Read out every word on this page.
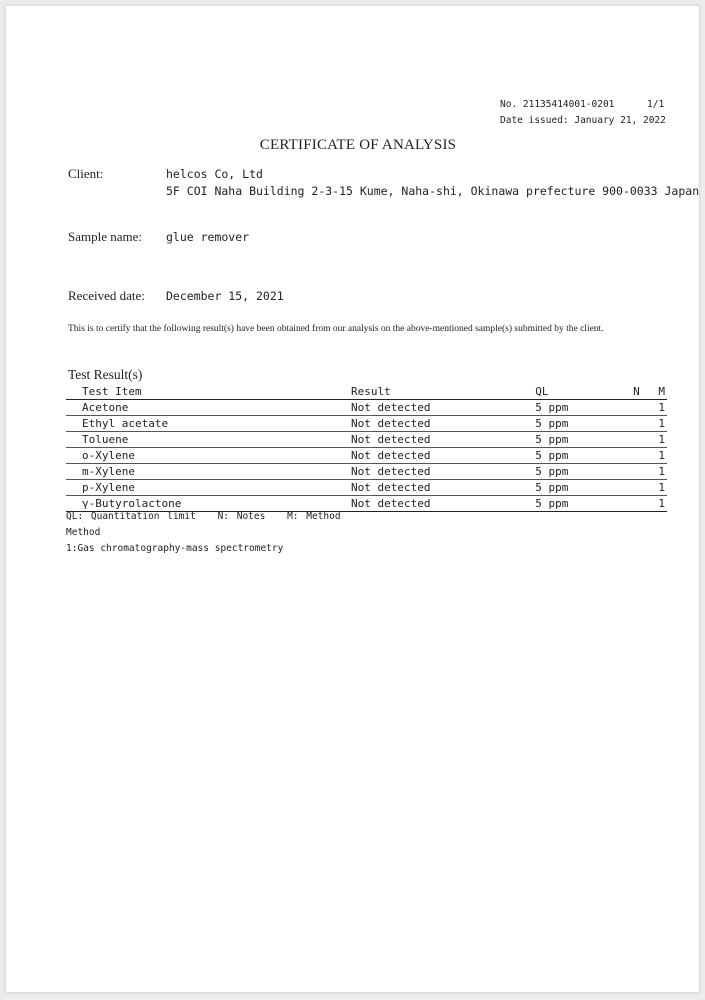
No. 21135414001-0201	1/1
Date issued: January 21, 2022
CERTIFICATE OF ANALYSIS
Client:	helcos Co, Ltd
5F COI Naha Building 2-3-15 Kume, Naha-shi, Okinawa prefecture 900-0033 Japan
Sample name: glue remover
Received date: December 15, 2021
This is to certify that the following result(s) have been obtained from our analysis on the above-mentioned sample(s) submitted by the client.
Test Result(s)
Test Item	Result	QL	N	M
Acetone	Not detected	5 ppm		1
Ethyl acetate	Not detected	5 ppm		1
Toluene	Not detected	5 ppm		1
o-Xylene	Not detected	5 ppm		1
m-Xylene	Not detected	5 ppm		1
p-Xylene	Not detected	5 ppm		1
γ-Butyrolactone	Not detected	5 ppm		1
QL: Quantitation limit N: Notes M: Method
Method
1:Gas chromatography-mass spectrometry
